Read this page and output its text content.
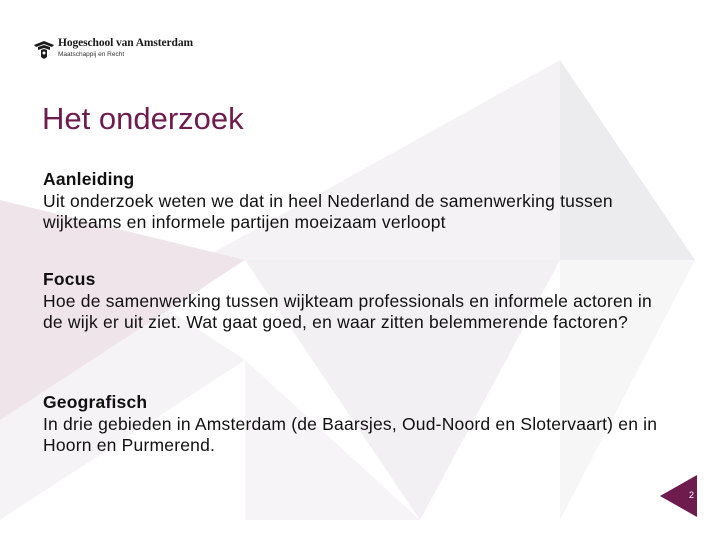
Hogeschool van Amsterdam
Maatschappij en Recht
Het onderzoek
Aanleiding
Uit onderzoek weten we dat in heel Nederland de samenwerking tussen wijkteams en informele partijen moeizaam verloopt
Focus
Hoe de samenwerking tussen wijkteam professionals en informele actoren in de wijk er uit ziet. Wat gaat goed, en waar zitten belemmerende factoren?
Geografisch
In drie gebieden in Amsterdam (de Baarsjes, Oud-Noord en Slotervaart) en in Hoorn en Purmerend.
2
